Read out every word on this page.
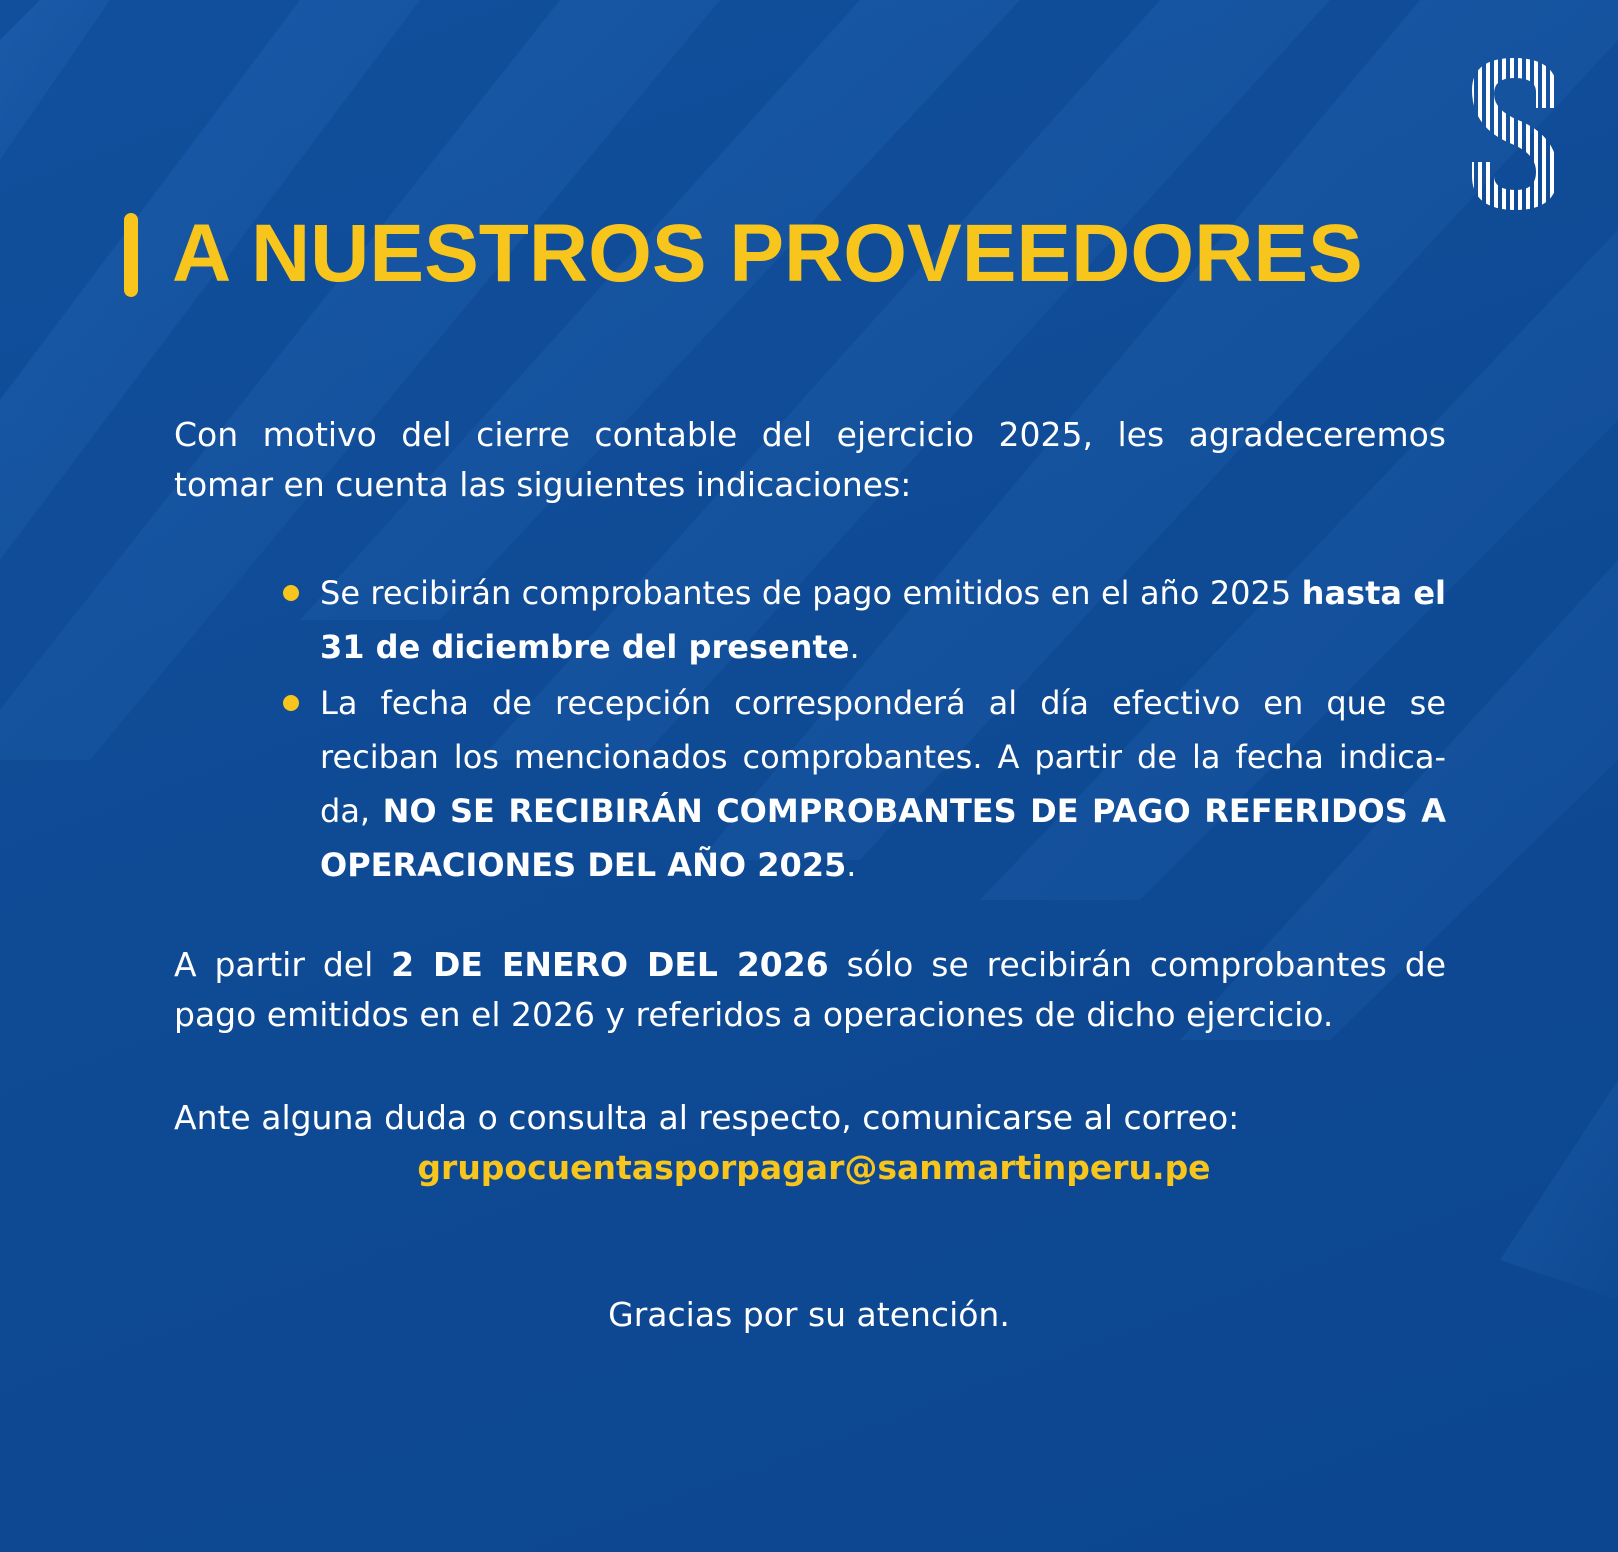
A NUESTROS PROVEEDORES
Con motivo del cierre contable del ejercicio 2025, les agradeceremos
tomar en cuenta las siguientes indicaciones:
Se recibirán comprobantes de pago emitidos en el año 2025 hasta el 31 de diciembre del presente.
La fecha de recepción corresponderá al día efectivo en que se reciban los mencionados comprobantes. A partir de la fecha indica-da, NO SE RECIBIRÁN COMPROBANTES DE PAGO REFERIDOS A OPERACIONES DEL AÑO 2025.
A partir del 2 DE ENERO DEL 2026 sólo se recibirán comprobantes de pago emitidos en el 2026 y referidos a operaciones de dicho ejercicio.
Ante alguna duda o consulta al respecto, comunicarse al correo:
grupocuentasporpagar@sanmartinperu.pe
Gracias por su atención.
